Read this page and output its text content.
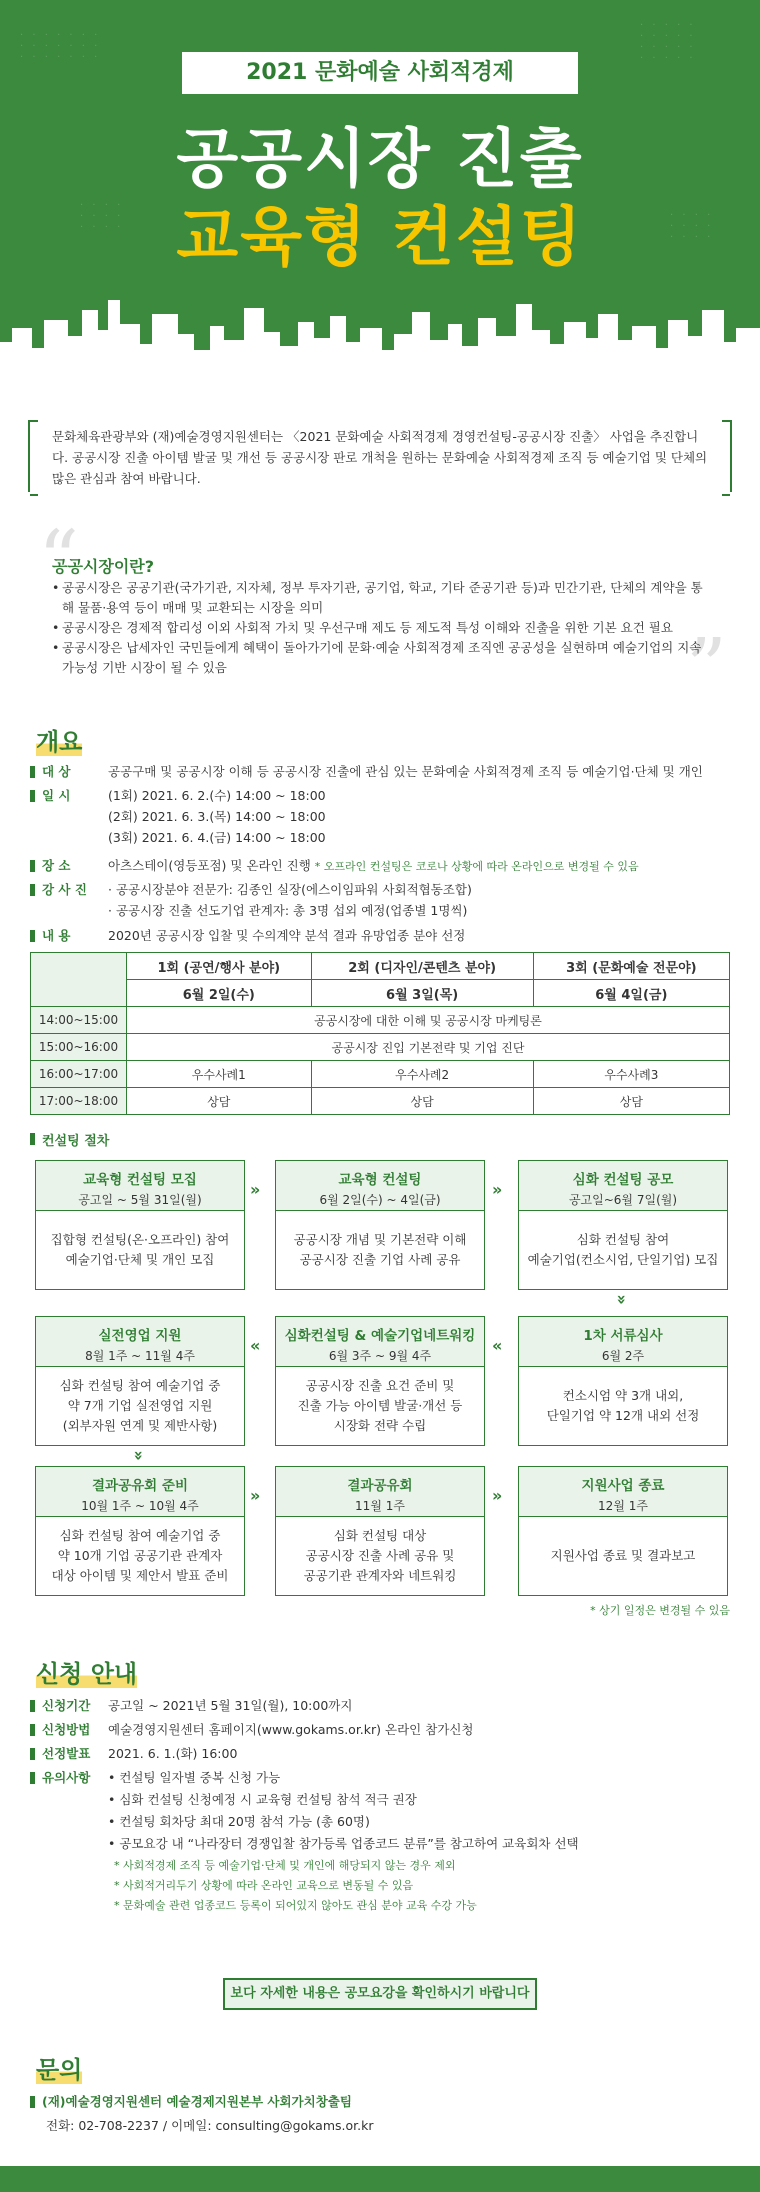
· · · · · · ·
· · · · · · ·
· · · · · · ·
· · · · ·
· · · · ·
· · · · ·
· · · · ·
· · · ·
· · · ·
· · · ·
· · · ·
· · · ·
· · · ·
2021 문화예술 사회적경제
공공시장 진출
교육형 컨설팅

문화체육관광부와 (재)예술경영지원센터는 〈2021 문화예술 사회적경제 경영컨설팅-공공시장 진출〉 사업을 추진합니다. 공공시장 진출 아이템 발굴 및 개선 등 공공시장 판로 개척을 원하는 문화예술 사회적경제 조직 등 예술기업 및 단체의 많은 관심과 참여 바랍니다.

“
”
공공시장이란?
• 공공시장은 공공기관(국가기관, 지자체, 정부 투자기관, 공기업, 학교, 기타 준공기관 등)과 민간기관, 단체의 계약을 통해 물품·용역 등이 매매 및 교환되는 시장을 의미
• 공공시장은 경제적 합리성 이외 사회적 가치 및 우선구매 제도 등 제도적 특성 이해와 진출을 위한 기본 요건 필요
• 공공시장은 납세자인 국민들에게 혜택이 돌아가기에 문화·예술 사회적경제 조직엔 공공성을 실현하며 예술기업의 지속가능성 기반 시장이 될 수 있음
개요
대 상	공공구매 및 공공시장 이해 등 공공시장 진출에 관심 있는 문화예술 사회적경제 조직 등 예술기업·단체 및 개인
일 시	(1회) 2021. 6. 2.(수) 14:00 ~ 18:00
(2회) 2021. 6. 3.(목) 14:00 ~ 18:00
(3회) 2021. 6. 4.(금) 14:00 ~ 18:00
장 소	아츠스테이(영등포점) 및 온라인 진행 * 오프라인 컨설팅은 코로나 상황에 따라 온라인으로 변경될 수 있음
강 사 진 · 공공시장분야 전문가: 김종인 실장(에스이임파워 사회적협동조합)
· 공공시장 진출 선도기업 관계자: 총 3명 섭외 예정(업종별 1명씩)
내 용	2020년 공공시장 입찰 및 수의계약 분석 결과 유망업종 분야 선정
	1회 (공연/행사 분야)	2회 (디자인/콘텐츠 분야)	3회 (문화예술 전문야)
	6월 2일(수)	6월 3일(목)	6월 4일(금)
14:00~15:00	공공시장에 대한 이해 및 공공시장 마케팅론		
15:00~16:00	공공시장 진입 기본전략 및 기업 진단		
16:00~17:00	우수사례1	우수사례2	우수사례3
17:00~18:00	상담	상담	상담
컨설팅 절차
교육형 컨설팅 모집
공고일 ~ 5월 31일(월)
집합형 컨설팅(온·오프라인) 참여
예술기업·단체 및 개인 모집
»	교육형 컨설팅
6월 2일(수) ~ 4일(금)
공공시장 개념 및 기본전략 이해
공공시장 진출 기업 사례 공유
»	심화 컨설팅 공모
공고일~6월 7일(월)
심화 컨설팅 참여
예술기업(컨소시엄, 단일기업) 모집
»
1차 서류심사
6월 2주
컨소시엄 약 3개 내외,
단일기업 약 12개 내외 선정
«
심화컨설팅 & 예술기업네트워킹
6월 3주 ~ 9월 4주
공공시장 진출 요건 준비 및
진출 가능 아이템 발굴·개선 등
시장화 전략 수립
«
실전영업 지원
8월 1주 ~ 11월 4주
심화 컨설팅 참여 예술기업 중
약 7개 기업 실전영업 지원
(외부자원 연계 및 제반사항)
»
결과공유회 준비
10월 1주 ~ 10월 4주
심화 컨설팅 참여 예술기업 중
약 10개 기업 공공기관 관계자
대상 아이템 및 제안서 발표 준비
»	결과공유회
11월 1주
심화 컨설팅 대상
공공시장 진출 사례 공유 및
공공기관 관계자와 네트워킹
»	지원사업 종료
12월 1주
지원사업 종료 및 결과보고
* 상기 일정은 변경될 수 있음
신청 안내
신청기간 공고일 ~ 2021년 5월 31일(월), 10:00까지
신청방법 예술경영지원센터 홈페이지(www.gokams.or.kr) 온라인 참가신청
선정발표 2021. 6. 1.(화) 16:00
유의사항 • 컨설팅 일자별 중복 신청 가능
• 심화 컨설팅 신청예정 시 교육형 컨설팅 참석 적극 권장
• 컨설팅 회차당 최대 20명 참석 가능 (총 60명)
• 공모요강 내 “나라장터 경쟁입찰 참가등록 업종코드 분류”를 참고하여 교육회차 선택
* 사회적경제 조직 등 예술기업·단체 및 개인에 해당되지 않는 경우 제외
* 사회적거리두기 상황에 따라 온라인 교육으로 변동될 수 있음
* 문화예술 관련 업종코드 등록이 되어있지 않아도 관심 분야 교육 수강 가능
보다 자세한 내용은 공모요강을 확인하시기 바랍니다
문의
(재)예술경영지원센터 예술경제지원본부 사회가치창출팀
전화: 02-708-2237 / 이메일: consulting@gokams.or.kr
